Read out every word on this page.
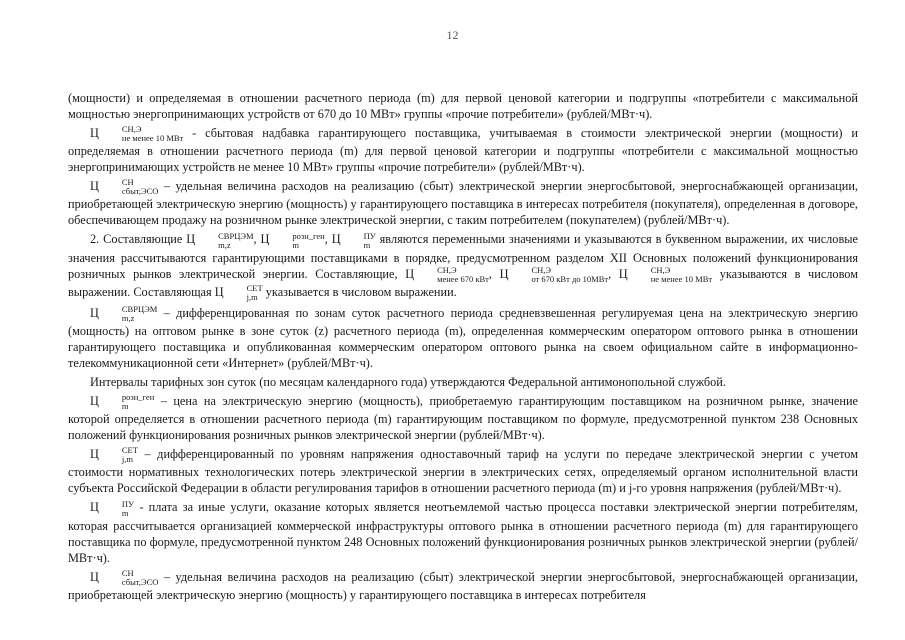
12

(мощности) и определяемая в отношении расчетного периода (m) для первой ценовой категории и подгруппы «потребители с максимальной мощностью энергопринимающих устройств от 670 до 10 МВт» группы «прочие потребители» (рублей/МВт·ч).

Ц	СН,Э
не менее 10 МВт - сбытовая надбавка гарантирующего поставщика, учитываемая в стоимости электрической энергии (мощности) и определяемая в отношении расчетного периода (m) для первой ценовой категории и подгруппы «потребители с максимальной мощностью энергопринимающих устройств не менее 10 МВт» группы «прочие потребители» (рублей/МВт·ч).

Ц	СН
сбыт,ЭСО – удельная величина расходов на реализацию (сбыт) электрической энергии энергосбытовой, энергоснабжающей организации, приобретающей электрическую энергию (мощность) у гарантирующего поставщика в интересах потребителя (покупателя), определенная в договоре, обеспечивающем продажу на розничном рынке электрической энергии, с таким потребителем (покупателем) (рублей/МВт·ч).

2. Составляющие Ц	СВРЦЭМ
m,z	, Ц	розн_ген
m	, Ц	ПУ
m являются переменными значениями и указываются в буквенном выражении, их числовые значения рассчитываются гарантирующими поставщиками в порядке, предусмотренном разделом XII Основных положений функционирования розничных рынков электрической энергии. Составляющие, Ц	СН,Э
менее 670 кВт , Ц	СН,Э
от 670 кВт до 10МВт , Ц	СН,Э
не менее 10 МВт указываются в числовом выражении. Составляющая Ц	СЕТ
j,m указывается в числовом выражении.

Ц	СВРЦЭМ
m,z	– дифференцированная по зонам суток расчетного периода средневзвешенная регулируемая цена на электрическую энергию (мощность) на оптовом рынке в зоне суток (z) расчетного периода (m), определенная коммерческим оператором оптового рынка в отношении гарантирующего поставщика и опубликованная коммерческим оператором оптового рынка на своем официальном сайте в информационно-телекоммуникационной сети «Интернет» (рублей/МВт·ч).

Интервалы тарифных зон суток (по месяцам календарного года) утверждаются Федеральной антимонопольной службой.

Ц	розн_ген
m	– цена на электрическую энергию (мощность), приобретаемую гарантирующим поставщиком на розничном рынке, значение которой определяется в отношении расчетного периода (m) гарантирующим поставщиком по формуле, предусмотренной пунктом 238 Основных положений функционирования розничных рынков электрической энергии (рублей/МВт·ч).

Ц	СЕТ
j,m – дифференцированный по уровням напряжения одноставочный тариф на услуги по передаче электрической энергии с учетом стоимости нормативных технологических потерь электрической энергии в электрических сетях, определяемый органом исполнительной власти субъекта Российской Федерации в области регулирования тарифов в отношении расчетного периода (m) и j-го уровня напряжения (рублей/МВт·ч).

Ц	ПУ
m - плата за иные услуги, оказание которых является неотъемлемой частью процесса поставки электрической энергии потребителям, которая рассчитывается организацией коммерческой инфраструктуры оптового рынка в отношении расчетного периода (m) для гарантирующего поставщика по формуле, предусмотренной пунктом 248 Основных положений функционирования розничных рынков электрической энергии (рублей/МВт·ч).

Ц	СН
сбыт,ЭСО – удельная величина расходов на реализацию (сбыт) электрической энергии энергосбытовой, энергоснабжающей организации, приобретающей электрическую энергию (мощность) у гарантирующего поставщика в интересах потребителя
